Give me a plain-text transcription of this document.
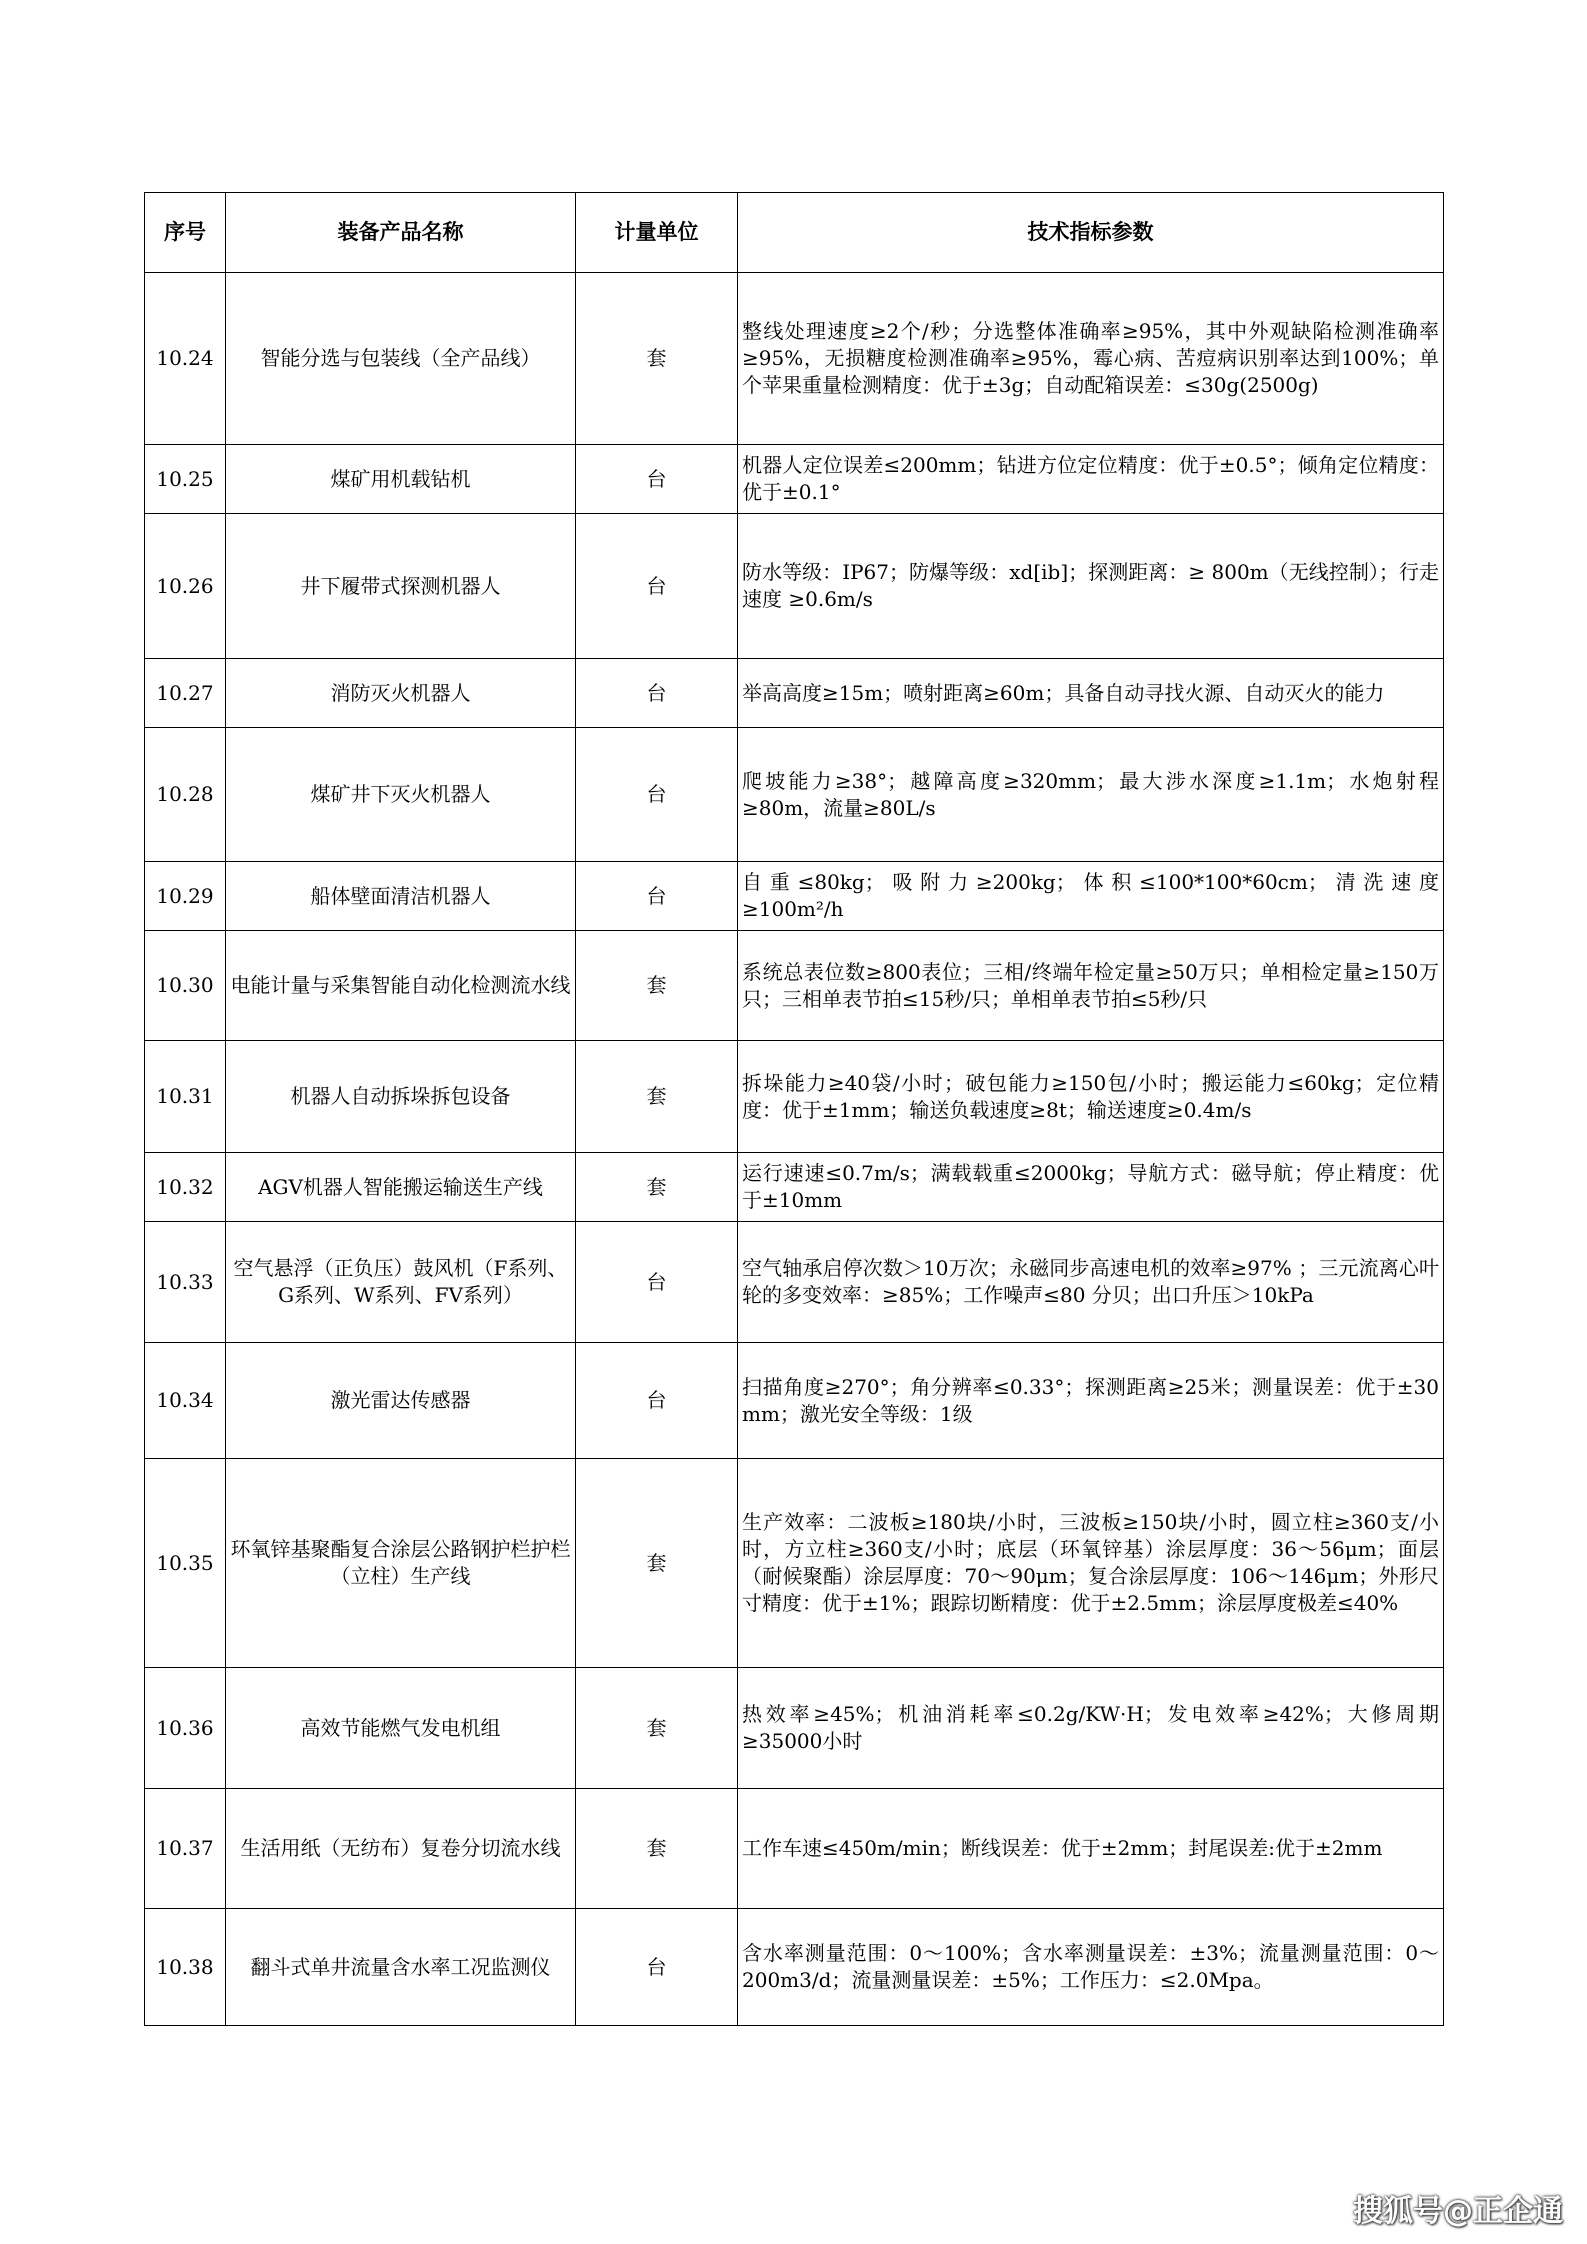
序号	装备产品名称	计量单位	技术指标参数
10.24	智能分选与包装线（全产品线）	套	整线处理速度≥2个/秒；分选整体准确率≥95%，其中外观缺陷检测准确率≥95%，无损糖度检测准确率≥95%，霉心病、苦痘病识别率达到100%；单个苹果重量检测精度：优于±3g；自动配箱误差：≤30g(2500g)
10.25	煤矿用机载钻机	台	机器人定位误差≤200mm；钻进方位定位精度：优于±0.5°；倾角定位精度：优于±0.1°
10.26	井下履带式探测机器人	台	防水等级：IP67；防爆等级：xd[ib]；探测距离：≥ 800m（无线控制）；行走速度 ≥0.6m/s
10.27	消防灭火机器人	台	举高高度≥15m；喷射距离≥60m；具备自动寻找火源、自动灭火的能力
10.28	煤矿井下灭火机器人	台	爬坡能力≥38°；越障高度≥320mm；最大涉水深度≥1.1m；水炮射程≥80m，流量≥80L/s
10.29	船体壁面清洁机器人	台	自重≤80kg；吸附力≥200kg；体积≤100*100*60cm；清洗速度≥100m²/h
10.30	电能计量与采集智能自动化检测流水线	套	系统总表位数≥800表位；三相/终端年检定量≥50万只；单相检定量≥150万只；三相单表节拍≤15秒/只；单相单表节拍≤5秒/只
10.31	机器人自动拆垛拆包设备	套	拆垛能力≥40袋/小时；破包能力≥150包/小时；搬运能力≤60kg；定位精度：优于±1mm；输送负载速度≥8t；输送速度≥0.4m/s
10.32	AGV机器人智能搬运输送生产线	套	运行速速≤0.7m/s；满载载重≤2000kg；导航方式：磁导航；停止精度：优于±10mm
10.33	空气悬浮（正负压）鼓风机（F系列、G系列、W系列、FV系列）	台	空气轴承启停次数＞10万次；永磁同步高速电机的效率≥97% ；三元流离心叶轮的多变效率：≥85%；工作噪声≤80 分贝；出口升压＞10kPa
10.34	激光雷达传感器	台	扫描角度≥270°；角分辨率≤0.33°；探测距离≥25米；测量误差：优于±30 mm；激光安全等级：1级
10.35	环氧锌基聚酯复合涂层公路钢护栏护栏（立柱）生产线	套	生产效率：二波板≥180块/小时，三波板≥150块/小时，圆立柱≥360支/小时，方立柱≥360支/小时；底层（环氧锌基）涂层厚度：36～56μm；面层（耐候聚酯）涂层厚度：70～90μm；复合涂层厚度：106～146μm；外形尺寸精度：优于±1%；跟踪切断精度：优于±2.5mm；涂层厚度极差≤40%
10.36	高效节能燃气发电机组	套	热效率≥45%；机油消耗率≤0.2g/KW·H；发电效率≥42%；大修周期≥35000小时
10.37	生活用纸（无纺布）复卷分切流水线	套	工作车速≤450m/min；断线误差：优于±2mm；封尾误差:优于±2mm
10.38	翻斗式单井流量含水率工况监测仪	台	含水率测量范围：0～100%；含水率测量误差：±3%；流量测量范围：0～200m3/d；流量测量误差：±5%；工作压力：≤2.0Mpa。
搜狐号@正企通
